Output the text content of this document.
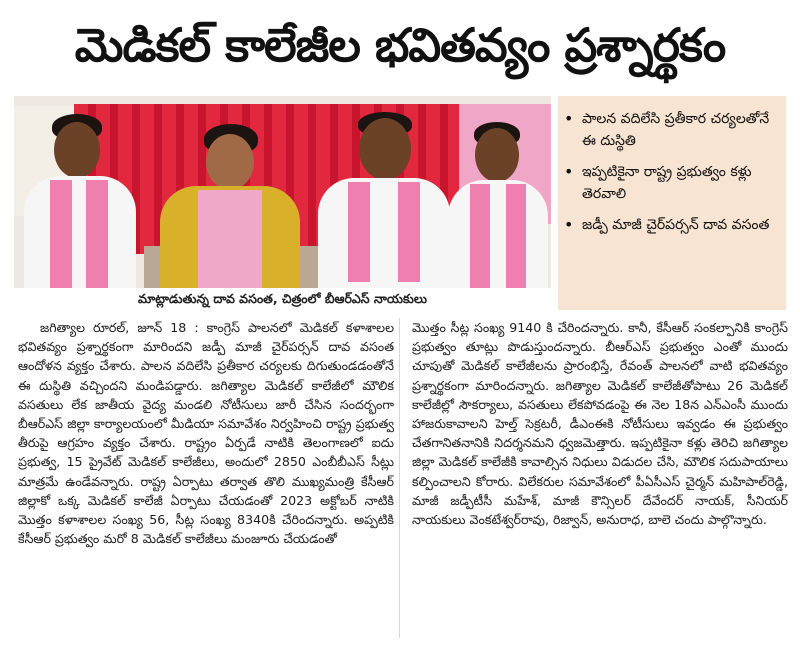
మెడికల్ కాలేజీల భవితవ్యం ప్రశ్నార్థకం
మాట్లాడుతున్న దావ వసంత, చిత్రంలో బీఆర్ఎస్ నాయకులు
• పాలన వదిలేసి ప్రతీకార చర్యలతోనే ఈ దుస్థితి
• ఇప్పటికైనా రాష్ట్ర ప్రభుత్వం కళ్లు తెరవాలి
• జడ్పీ మాజీ చైర్‌పర్సన్ దావ వసంత

జగిత్యాల రూరల్, జూన్ 18 : కాంగ్రెస్ పాలనలో మెడికల్ కళాశాలల భవితవ్యం ప్రశ్నార్థకంగా మారిందని జడ్పీ మాజీ చైర్‌పర్సన్ దావ వసంత ఆందోళన వ్యక్తం చేశారు. పాలన వదిలేసి ప్రతీకార చర్యలకు దిగుతుండడంతోనే ఈ దుస్థితి వచ్చిందని మండిపడ్డారు. జగిత్యాల మెడికల్ కాలేజీలో మౌలిక వసతులు లేక జాతీయ వైద్య మండలి నోటీసులు జారీ చేసిన సందర్భంగా బీఆర్ఎస్ జిల్లా కార్యాలయంలో మీడియా సమావేశం నిర్వహించి రాష్ట్ర ప్రభుత్వ తీరుపై ఆగ్రహం వ్యక్తం చేశారు. రాష్ట్రం ఏర్పడే నాటికి తెలంగాణలో ఐదు ప్రభుత్వ, 15 ప్రైవేట్ మెడికల్ కాలేజీలు, అందులో 2850 ఎంబీబీఎస్ సీట్లు మాత్రమే ఉండేవన్నారు. రాష్ట్ర ఏర్పాటు తర్వాత తొలి ముఖ్యమంత్రి కేసీఆర్ జిల్లాకో ఒక్క మెడికల్ కాలేజీ ఏర్పాటు చేయడంతో 2023 అక్టోబర్ నాటికి మొత్తం కళాశాలల సంఖ్య 56, సీట్ల సంఖ్య 8340కి చేరిందన్నారు. అప్పటికి కేసీఆర్ ప్రభుత్వం మరో 8 మెడికల్ కాలేజీలు మంజూరు చేయడంతో

మొత్తం సీట్ల సంఖ్య 9140 కి చేరిందన్నారు. కానీ, కేసీఆర్ సంకల్పానికి కాంగ్రెస్ ప్రభుత్వం తూట్లు పొడుస్తుందన్నారు. బీఆర్ఎస్ ప్రభుత్వం ఎంతో ముందు చూపుతో మెడికల్ కాలేజీలను ప్రారంభిస్తే, రేవంత్ పాలనలో వాటి భవితవ్యం ప్రశ్నార్థకంగా మారిందన్నారు. జగిత్యాల మెడికల్ కాలేజీతోపాటు 26 మెడికల్ కాలేజీల్లో సౌకర్యాలు, వసతులు లేకపోవడంపై ఈ నెల 18న ఎన్ఎంసీ ముందు హాజరుకావాలని హెల్త్ సెక్రటరీ, డీఎంఈకి నోటీసులు ఇవ్వడం ఈ ప్రభుత్వం చేతగానితనానికి నిదర్శనమని ధ్వజమెత్తారు. ఇప్పటికైనా కళ్లు తెరిచి జగిత్యాల జిల్లా మెడికల్ కాలేజీకి కావాల్సిన నిధులు విడుదల చేసి, మౌలిక సదుపాయాలు కల్పించాలని కోరారు. విలేకరుల సమావేశంలో పీఏసీఎస్ చైర్మన్ మహిపాల్‌రెడ్డి, మాజీ జడ్పీటీసీ మహేశ్, మాజీ కౌన్సిలర్ దేవేందర్ నాయక్, సీనియర్ నాయకులు వెంకటేశ్వర్‌రావు, రిజ్వాన్, అనురాధ, బాలె చందు పాల్గొన్నారు.
